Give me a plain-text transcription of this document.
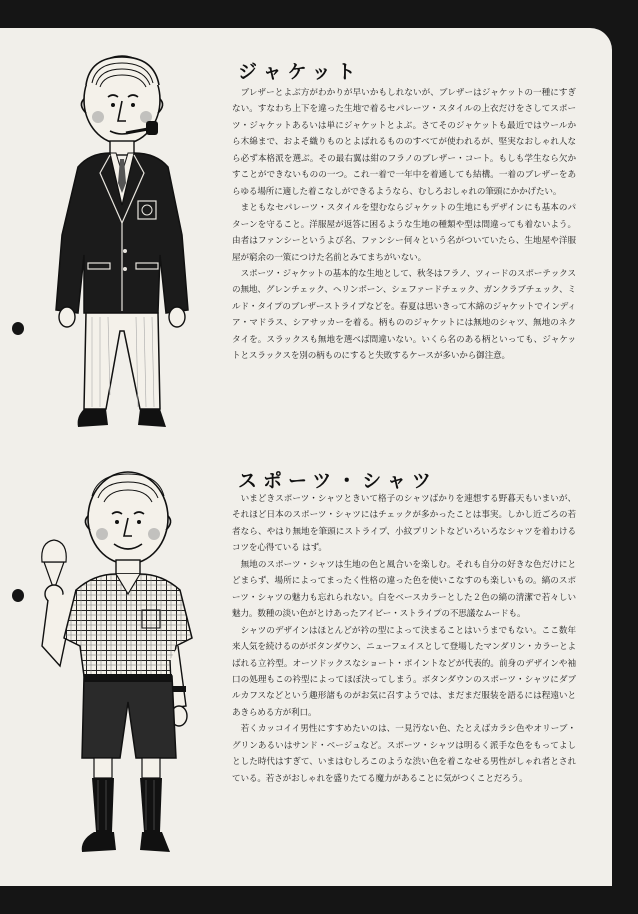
ジャケット

ブレザーとよぶ方がわかりが早いかもしれないが、ブレザーはジャケットの一種にすぎない。すなわち上下を違った生地で着るセパレーツ・スタイルの上衣だけをさしてスポーツ・ジャケットあるいは単にジャケットとよぶ。さてそのジャケットも最近ではウールから木綿まで、およそ織りものとよばれるもののすべてが使われるが、堅実なおしゃれ人なら必ず本格派を選ぶ。その最右翼は紺のフラノのブレザー・コート。もしも学生なら欠かすことができないものの一つ。これ一着で一年中を着通しても結構。一着のブレザーをあらゆる場所に適した着こなしができるようなら、むしろおしゃれの筆頭にかかげたい。

まともなセパレーツ・スタイルを望むならジャケットの生地にもデザインにも基本のパターンを守ること。洋服屋が返答に困るような生地の種類や型は間違っても着ないよう。由者はファンシーというよび名、ファンシー何々という名がついていたら、生地屋や洋服屋が窮余の一策につけた名前とみてまちがいない。

スポーツ・ジャケットの基本的な生地として、秋冬はフラノ、ツィードのスポーテックスの無地、グレンチェック、ヘリンボーン、シェファードチェック、ガンクラブチェック、ミルド・タイプのブレザーストライプなどを。春夏は思いきって木綿のジャケットでインディア・マドラス、シアサッカーを着る。柄もののジャケットには無地のシャツ、無地のネクタイを。スラックスも無地を選べば間違いない。いくら名のある柄といっても、ジャケットとスラックスを別の柄ものにすると失敗するケースが多いから御注意。

スポーツ・シャツ

いまどきスポーツ・シャツときいて格子のシャツばかりを連想する野暮天もいまいが、それほど日本のスポーツ・シャツにはチェックが多かったことは事実。しかし近ごろの若者なら、やはり無地を筆頭にストライプ、小紋プリントなどいろいろなシャツを着わけるコツを心得ている はず。

無地のスポーツ・シャツは生地の色と風合いを楽しむ。それも自分の好きな色だけにとどまらず、場所によってまったく性格の違った色を使いこなすのも楽しいもの。縞のスポーツ・シャツの魅力も忘れられない。白をベースカラーとした２色の縞の清潔で若々しい魅力。数種の淡い色がとけあったアイビー・ストライプの不思議なムードも。

シャツのデザインはほとんどが衿の型によって決まることはいうまでもない。ここ数年来人気を続けるのがボタンダウン、ニューフェイスとして登場したマンダリン・カラーとよばれる立衿型。オーソドックスなショート・ポイントなどが代表的。前身のデザインや袖口の処理もこの衿型によってほぼ決ってしまう。ボタンダウンのスポーツ・シャツにダブルカフスなどという趣形諸ものがお気に召すようでは、まだまだ服装を語るには程遠いとあきらめる方が利口。

若くカッコイイ男性にすすめたいのは、一見汚ない色、たとえばカラシ色やオリーブ・グリンあるいはサンド・ベージュなど。スポーツ・シャツは明るく派手な色をもってよしとした時代はすぎて、いまはむしろこのような渋い色を着こなせる男性がしゃれ者とされている。若さがおしゃれを盛りたてる魔力があることに気がつくことだろう。
